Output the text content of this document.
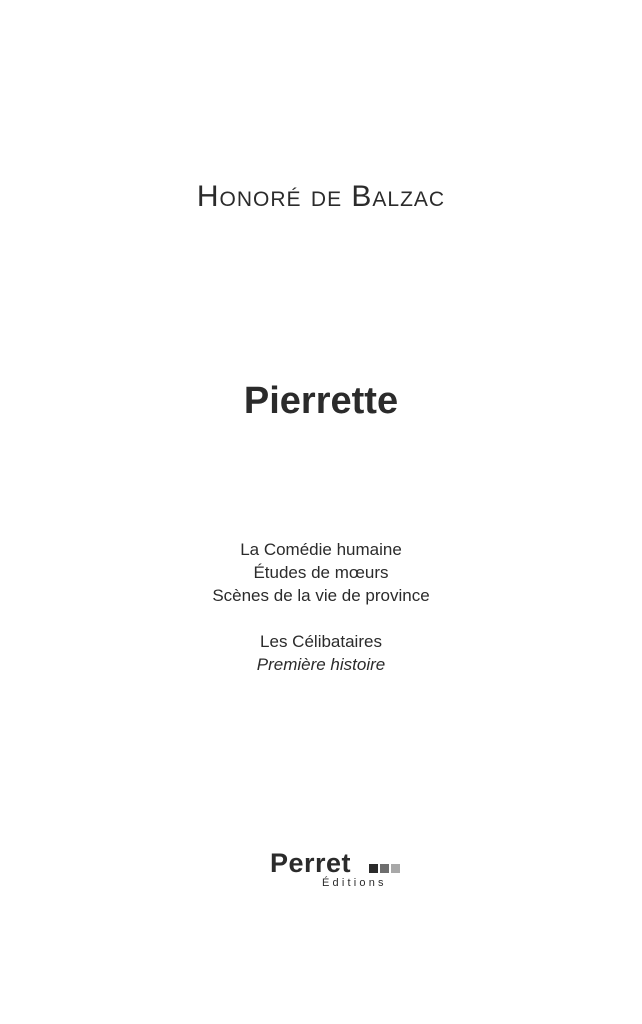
Honoré de Balzac
Pierrette
La Comédie humaine
Études de mœurs
Scènes de la vie de province
Les Célibataires
Première histoire
Perret
Éditions
